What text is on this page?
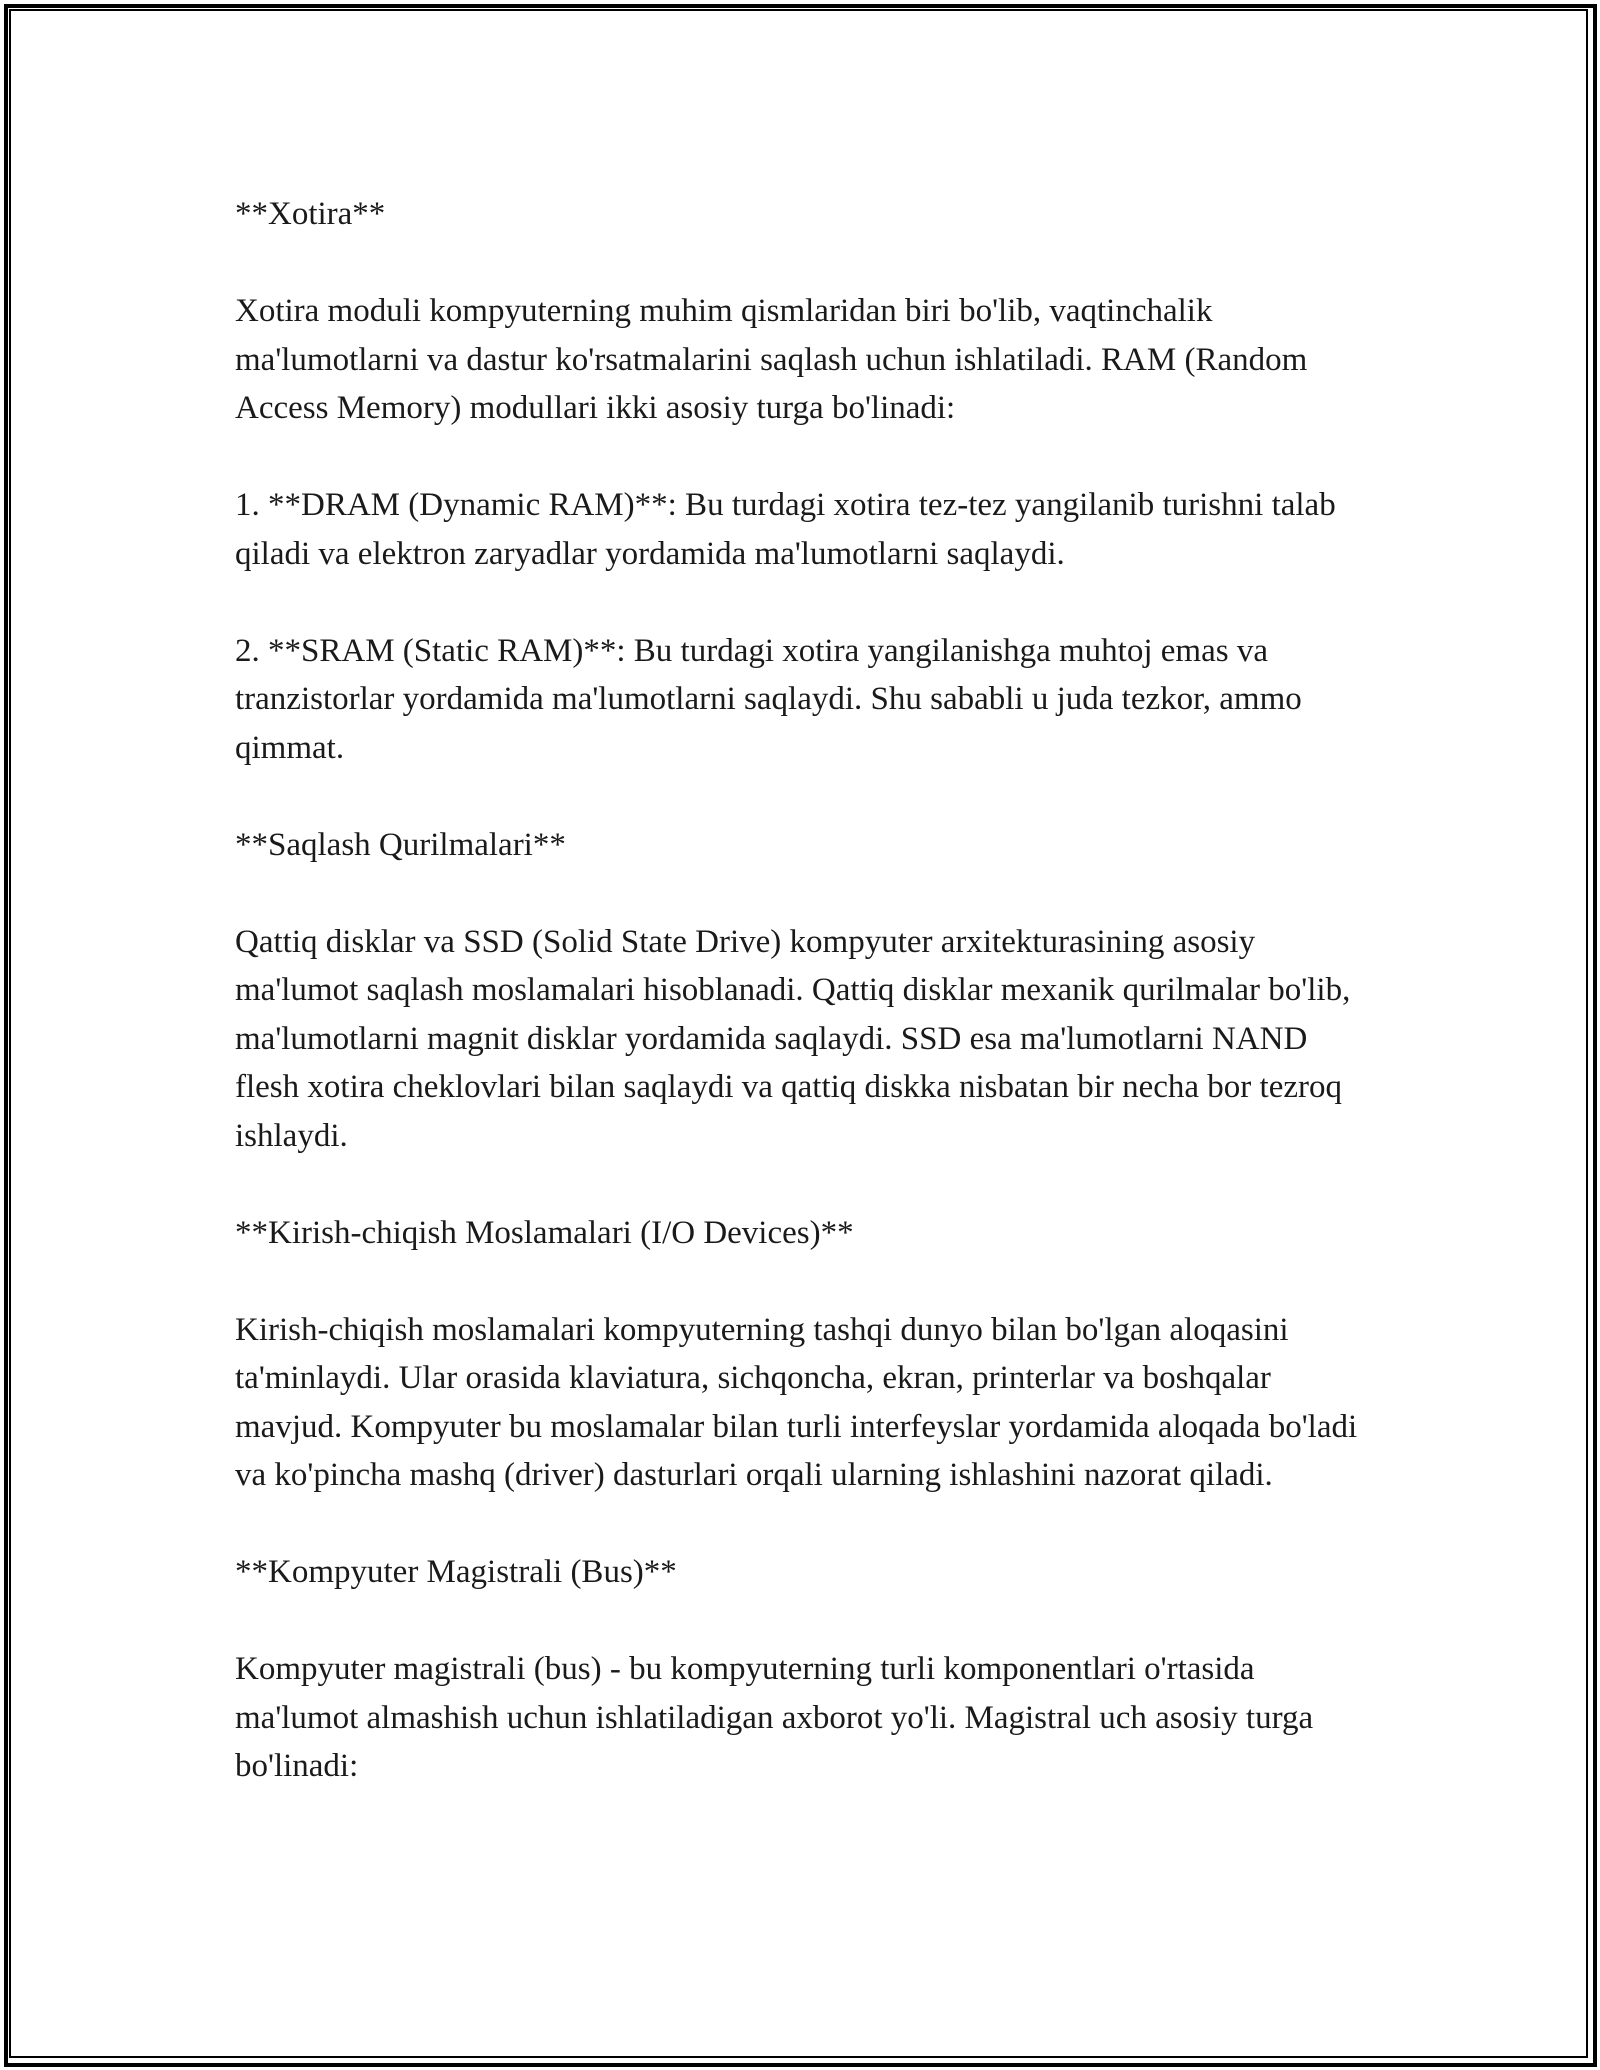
**Xotira**
Xotira moduli kompyuterning muhim qismlaridan biri bo'lib, vaqtinchalik ma'lumotlarni va dastur ko'rsatmalarini saqlash uchun ishlatiladi. RAM (Random Access Memory) modullari ikki asosiy turga bo'linadi:
1. **DRAM (Dynamic RAM)**: Bu turdagi xotira tez-tez yangilanib turishni talab qiladi va elektron zaryadlar yordamida ma'lumotlarni saqlaydi.
2. **SRAM (Static RAM)**: Bu turdagi xotira yangilanishga muhtoj emas va tranzistorlar yordamida ma'lumotlarni saqlaydi. Shu sababli u juda tezkor, ammo qimmat.
**Saqlash Qurilmalari**
Qattiq disklar va SSD (Solid State Drive) kompyuter arxitekturasining asosiy ma'lumot saqlash moslamalari hisoblanadi. Qattiq disklar mexanik qurilmalar bo'lib, ma'lumotlarni magnit disklar yordamida saqlaydi. SSD esa ma'lumotlarni NAND flesh xotira cheklovlari bilan saqlaydi va qattiq diskka nisbatan bir necha bor tezroq ishlaydi.
**Kirish-chiqish Moslamalari (I/O Devices)**
Kirish-chiqish moslamalari kompyuterning tashqi dunyo bilan bo'lgan aloqasini ta'minlaydi. Ular orasida klaviatura, sichqoncha, ekran, printerlar va boshqalar mavjud. Kompyuter bu moslamalar bilan turli interfeyslar yordamida aloqada bo'ladi va ko'pincha mashq (driver) dasturlari orqali ularning ishlashini nazorat qiladi.
**Kompyuter Magistrali (Bus)**
Kompyuter magistrali (bus) - bu kompyuterning turli komponentlari o'rtasida ma'lumot almashish uchun ishlatiladigan axborot yo'li. Magistral uch asosiy turga bo'linadi:
